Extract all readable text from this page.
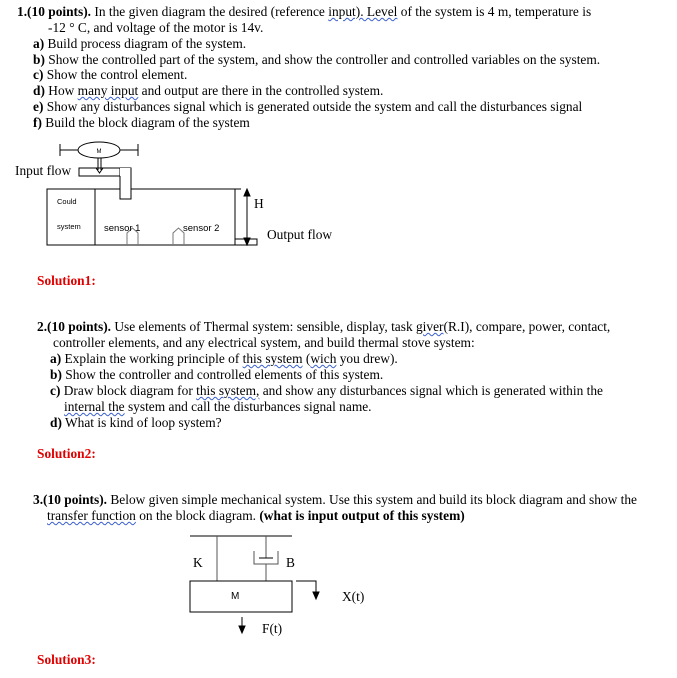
1.(10 points). In the given diagram the desired (reference input). Level of the system is 4 m, temperature is
-12 ° C, and voltage of the motor is 14v.
a) Build process diagram of the system.
b) Show the controlled part of the system, and show the controller and controlled variables on the system.
c) Show the control element.
d) How many input and output are there in the controlled system.
e) Show any disturbances signal which is generated outside the system and call the disturbances signal
f) Build the block diagram of the system
M
Input flow
Could
system sensor 1	sensor 2
H
Output flow
K	B
M	X(t)
F(t)
Solution1:
2.(10 points). Use elements of Thermal system: sensible, display, task giver(R.I), compare, power, contact,
controller elements, and any electrical system, and build thermal stove system:
a) Explain the working principle of this system (wich you drew).
b) Show the controller and controlled elements of this system.
c) Draw block diagram for this system, and show any disturbances signal which is generated within the
internal the system and call the disturbances signal name.
d) What is kind of loop system?
Solution2:
3.(10 points). Below given simple mechanical system. Use this system and build its block diagram and show the
transfer function on the block diagram. (what is input output of this system)
Solution3:
